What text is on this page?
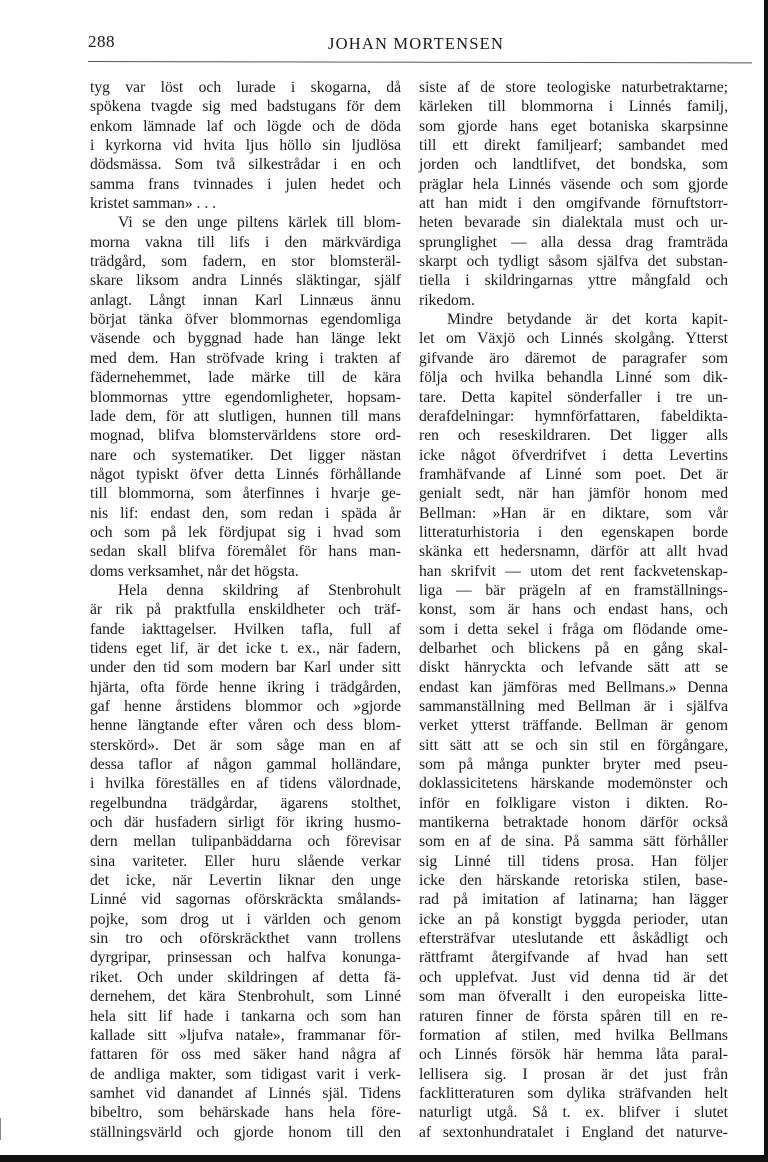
288	JOHAN MORTENSEN
tyg var löst och lurade i skogarna, då
spökena tvagde sig med badstugans för dem
enkom lämnade laf och lögde och de döda
i kyrkorna vid hvita ljus höllo sin ljudlösa
dödsmässa. Som två silkestrådar i en och
samma frans tvinnades i julen hedet och
kristet samman» . . .
Vi se den unge piltens kärlek till blom-
morna vakna till lifs i den märkvärdiga
trädgård, som fadern, en stor blomsteräl-
skare liksom andra Linnés släktingar, själf
anlagt. Långt innan Karl Linnæus ännu
börjat tänka öfver blommornas egendomliga
väsende och byggnad hade han länge lekt
med dem. Han ströfvade kring i trakten af
fädernehemmet, lade märke till de kära
blommornas yttre egendomligheter, hopsam-
lade dem, för att slutligen, hunnen till mans
mognad, blifva blomstervärldens store ord-
nare och systematiker. Det ligger nästan
något typiskt öfver detta Linnés förhållande
till blommorna, som återfinnes i hvarje ge-
nis lif: endast den, som redan i späda år
och som på lek fördjupat sig i hvad som
sedan skall blifva föremålet för hans man-
doms verksamhet, når det högsta.
Hela denna skildring af Stenbrohult
är rik på praktfulla enskildheter och träf-
fande iakttagelser. Hvilken tafla, full af
tidens eget lif, är det icke t. ex., när fadern,
under den tid som modern bar Karl under sitt
hjärta, ofta förde henne ikring i trädgården,
gaf henne årstidens blommor och »gjorde
henne längtande efter våren och dess blom-
sterskörd». Det är som såge man en af
dessa taflor af någon gammal holländare,
i hvilka föreställes en af tidens välordnade,
regelbundna trädgårdar, ägarens stolthet,
och där husfadern sirligt för ikring husmo-
dern mellan tulipanbäddarna och förevisar
sina variteter. Eller huru slående verkar
det icke, när Levertin liknar den unge
Linné vid sagornas oförskräckta smålands-
pojke, som drog ut i världen och genom
sin tro och oförskräckthet vann trollens
dyrgripar, prinsessan och halfva konunga-
riket. Och under skildringen af detta fä-
dernehem, det kära Stenbrohult, som Linné
hela sitt lif hade i tankarna och som han
kallade sitt »ljufva natale», frammanar för-
fattaren för oss med säker hand några af
de andliga makter, som tidigast varit i verk-
samhet vid danandet af Linnés själ. Tidens
bibeltro, som behärskade hans hela före-
ställningsvärld och gjorde honom till den
siste af de store teologiske naturbetraktarne;
kärleken till blommorna i Linnés familj,
som gjorde hans eget botaniska skarpsinne
till ett direkt familjearf; sambandet med
jorden och landtlifvet, det bondska, som
präglar hela Linnés väsende och som gjorde
att han midt i den omgifvande förnuftstorr-
heten bevarade sin dialektala must och ur-
sprunglighet — alla dessa drag framträda
skarpt och tydligt såsom själfva det substan-
tiella i skildringarnas yttre mångfald och
rikedom.
Mindre betydande är det korta kapit-
let om Växjö och Linnés skolgång. Ytterst
gifvande äro däremot de paragrafer som
följa och hvilka behandla Linné som dik-
tare. Detta kapitel sönderfaller i tre un-
derafdelningar: hymnförfattaren, fabeldikta-
ren och reseskildraren. Det ligger alls
icke något öfverdrifvet i detta Levertins
framhäfvande af Linné som poet. Det är
genialt sedt, när han jämför honom med
Bellman: »Han är en diktare, som vår
litteraturhistoria i den egenskapen borde
skänka ett hedersnamn, därför att allt hvad
han skrifvit — utom det rent fackvetenskap-
liga — bär prägeln af en framställnings-
konst, som är hans och endast hans, och
som i detta sekel i fråga om flödande ome-
delbarhet och blickens på en gång skal-
diskt hänryckta och lefvande sätt att se
endast kan jämföras med Bellmans.» Denna
sammanställning med Bellman är i själfva
verket ytterst träffande. Bellman är genom
sitt sätt att se och sin stil en förgångare,
som på många punkter bryter med pseu-
doklassicitetens härskande modemönster och
inför en folkligare viston i dikten. Ro-
mantikerna betraktade honom därför också
som en af de sina. På samma sätt förhåller
sig Linné till tidens prosa. Han följer
icke den härskande retoriska stilen, base-
rad på imitation af latinarna; han lägger
icke an på konstigt byggda perioder, utan
eftersträfvar uteslutande ett åskådligt och
rättframt återgifvande af hvad han sett
och upplefvat. Just vid denna tid är det
som man öfverallt i den europeiska litte-
raturen finner de första spåren till en re-
formation af stilen, med hvilka Bellmans
och Linnés försök här hemma låta paral-
lellisera sig. I prosan är det just från
facklitteraturen som dylika sträfvanden helt
naturligt utgå. Så t. ex. blifver i slutet
af sextonhundratalet i England det naturve-
